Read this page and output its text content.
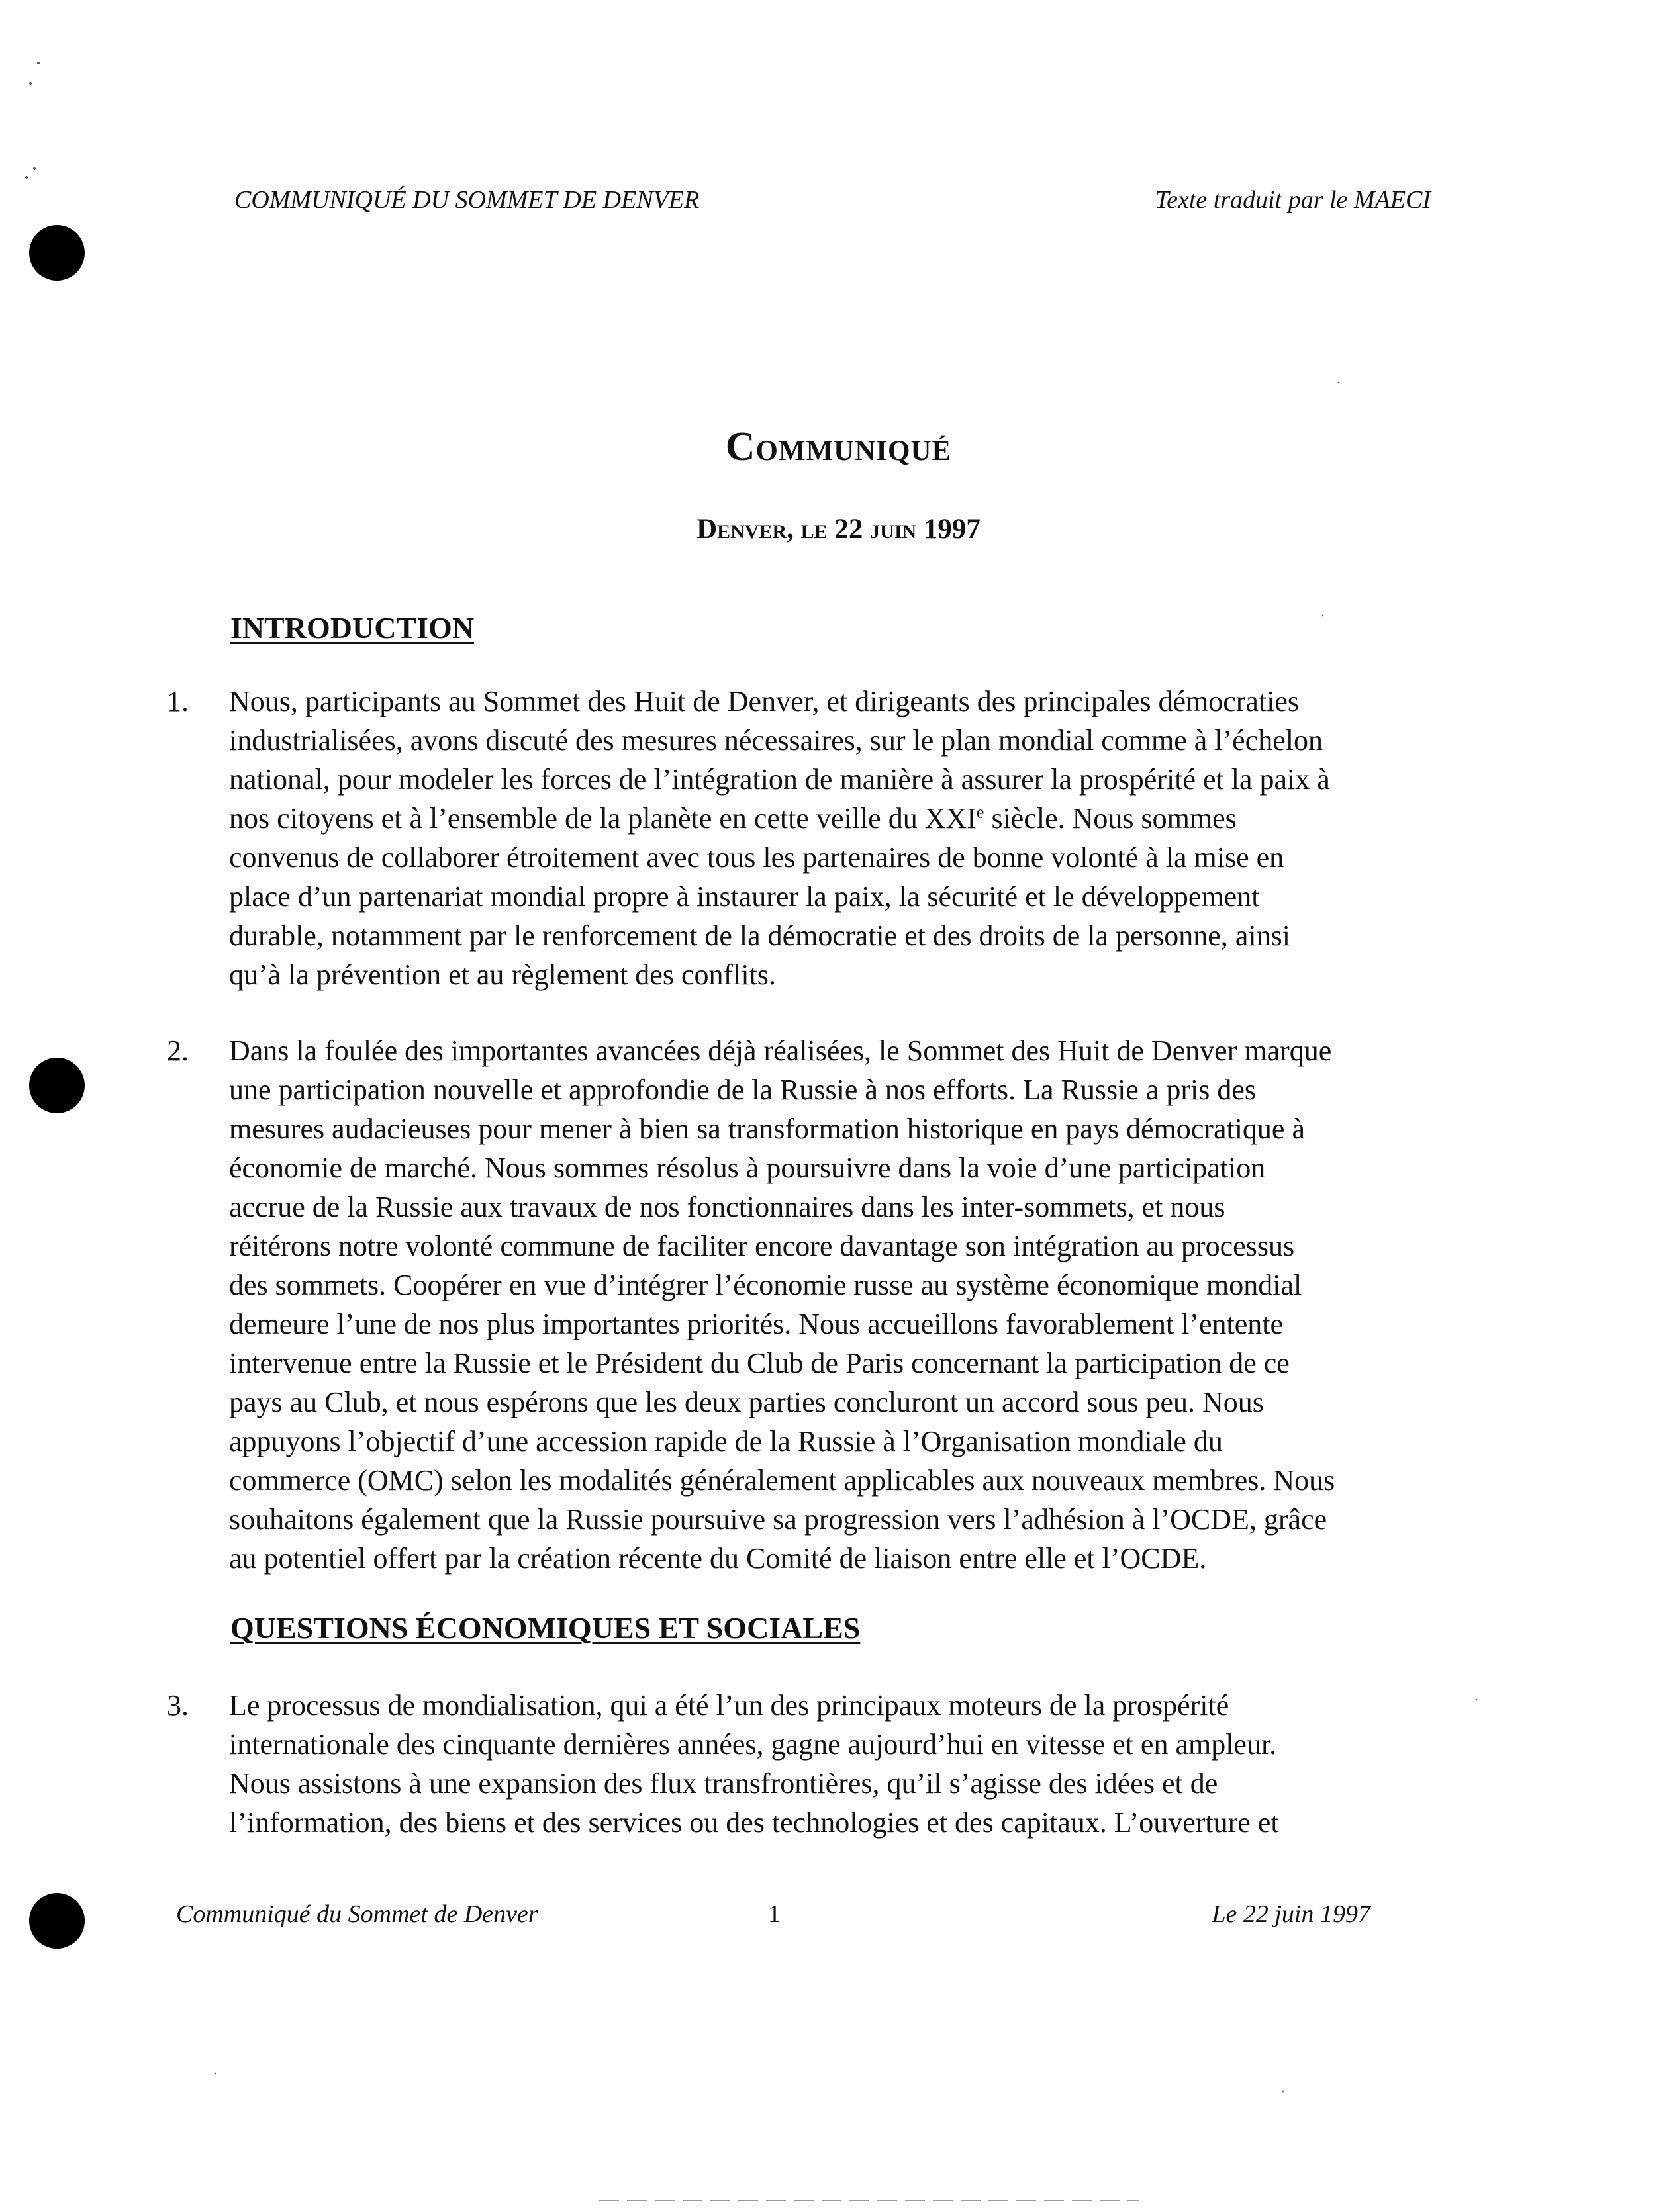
COMMUNIQUÉ DU SOMMET DE DENVER	Texte traduit par le MAECI
Communiqué
Denver, le 22 juin 1997
INTRODUCTION
1.	Nous, participants au Sommet des Huit de Denver, et dirigeants des principales démocraties
industrialisées, avons discuté des mesures nécessaires, sur le plan mondial comme à l’échelon
national, pour modeler les forces de l’intégration de manière à assurer la prospérité et la paix à
nos citoyens et à l’ensemble de la planète en cette veille du XXIe siècle. Nous sommes
convenus de collaborer étroitement avec tous les partenaires de bonne volonté à la mise en
place d’un partenariat mondial propre à instaurer la paix, la sécurité et le développement
durable, notamment par le renforcement de la démocratie et des droits de la personne, ainsi
qu’à la prévention et au règlement des conflits.
2.	Dans la foulée des importantes avancées déjà réalisées, le Sommet des Huit de Denver marque
une participation nouvelle et approfondie de la Russie à nos efforts. La Russie a pris des
mesures audacieuses pour mener à bien sa transformation historique en pays démocratique à
économie de marché. Nous sommes résolus à poursuivre dans la voie d’une participation
accrue de la Russie aux travaux de nos fonctionnaires dans les inter-sommets, et nous
réitérons notre volonté commune de faciliter encore davantage son intégration au processus
des sommets. Coopérer en vue d’intégrer l’économie russe au système économique mondial
demeure l’une de nos plus importantes priorités. Nous accueillons favorablement l’entente
intervenue entre la Russie et le Président du Club de Paris concernant la participation de ce
pays au Club, et nous espérons que les deux parties concluront un accord sous peu. Nous
appuyons l’objectif d’une accession rapide de la Russie à l’Organisation mondiale du
commerce (OMC) selon les modalités généralement applicables aux nouveaux membres. Nous
souhaitons également que la Russie poursuive sa progression vers l’adhésion à l’OCDE, grâce
au potentiel offert par la création récente du Comité de liaison entre elle et l’OCDE.
QUESTIONS ÉCONOMIQUES ET SOCIALES
3.	Le processus de mondialisation, qui a été l’un des principaux moteurs de la prospérité
internationale des cinquante dernières années, gagne aujourd’hui en vitesse et en ampleur.
Nous assistons à une expansion des flux transfrontières, qu’il s’agisse des idées et de
l’information, des biens et des services ou des technologies et des capitaux. L’ouverture et
Communiqué du Sommet de Denver	1	Le 22 juin 1997
